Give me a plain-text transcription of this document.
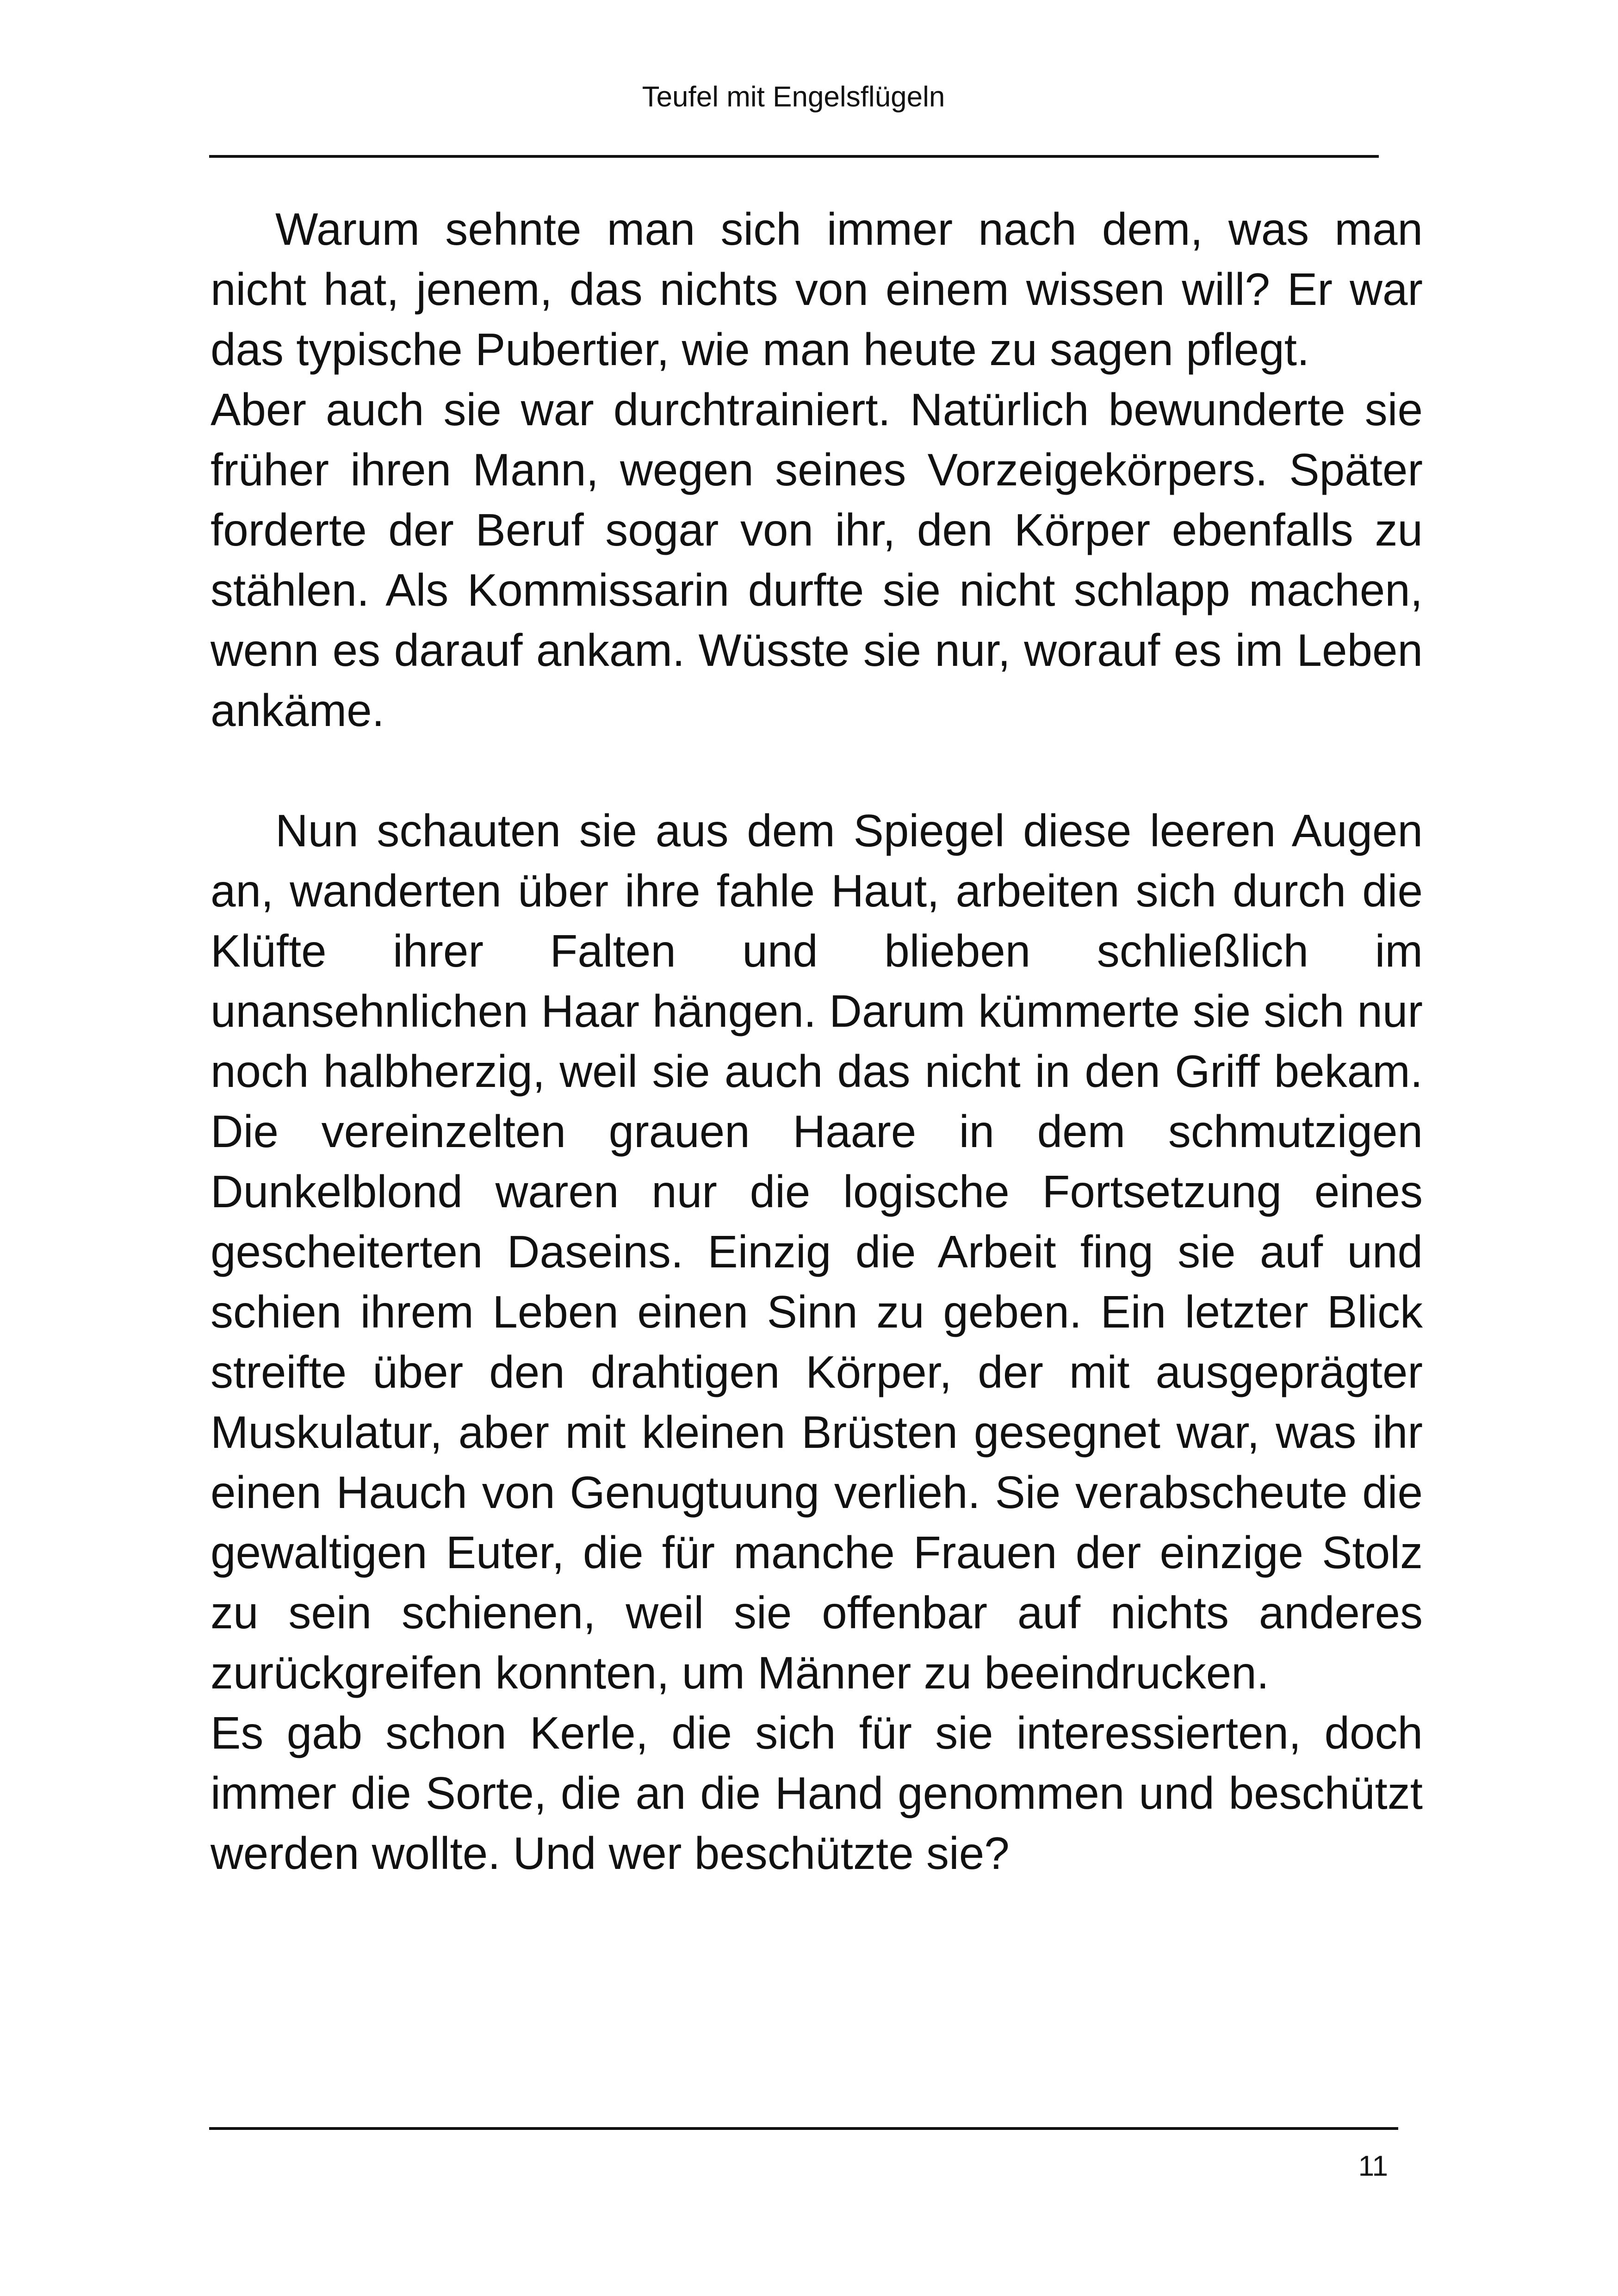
Teufel mit Engelsflügeln

Warum sehnte man sich immer nach dem, was man nicht hat, jenem, das nichts von einem wissen will? Er war das typische Pubertier, wie man heute zu sagen pflegt.

Aber auch sie war durchtrainiert. Natürlich bewunderte sie früher ihren Mann, wegen seines Vorzeigekörpers. Später forderte der Beruf sogar von ihr, den Körper ebenfalls zu stählen. Als Kommissarin durfte sie nicht schlapp machen, wenn es darauf ankam. Wüsste sie nur, worauf es im Leben ankäme.

Nun schauten sie aus dem Spiegel diese leeren Augen an, wanderten über ihre fahle Haut, arbeiten sich durch die Klüfte ihrer Falten und blieben schließlich im unansehnlichen Haar hängen. Darum kümmerte sie sich nur noch halbherzig, weil sie auch das nicht in den Griff bekam. Die vereinzelten grauen Haare in dem schmutzigen Dunkelblond waren nur die logische Fortsetzung eines gescheiterten Daseins. Einzig die Arbeit fing sie auf und schien ihrem Leben einen Sinn zu geben. Ein letzter Blick streifte über den drahtigen Körper, der mit ausgeprägter Muskulatur, aber mit kleinen Brüsten gesegnet war, was ihr einen Hauch von Genugtuung verlieh. Sie verabscheute die gewaltigen Euter, die für manche Frauen der einzige Stolz zu sein schienen, weil sie offenbar auf nichts anderes zurückgreifen konnten, um Männer zu beeindrucken.

Es gab schon Kerle, die sich für sie interessierten, doch immer die Sorte, die an die Hand genommen und beschützt werden wollte. Und wer beschützte sie?

11
